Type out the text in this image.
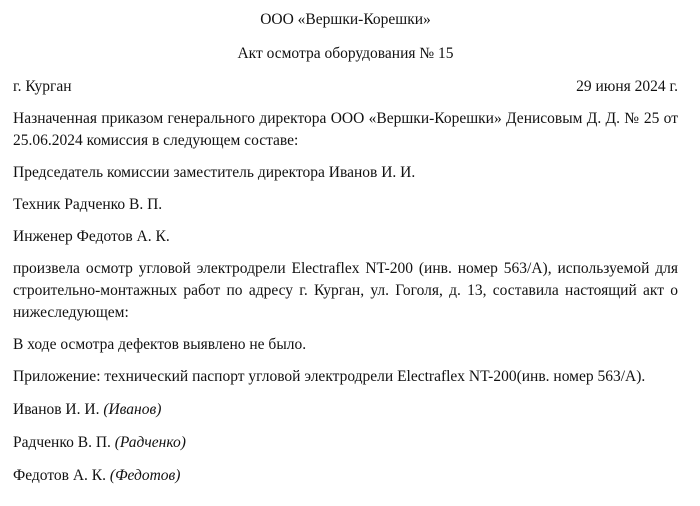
ООО «Вершки-Корешки»
Акт осмотра оборудования № 15
г. Курган	29 июня 2024 г.
Назначенная приказом генерального директора ООО «Вершки-Корешки» Денисовым Д. Д. № 25 от 25.06.2024 комиссия в следующем составе:
Председатель комиссии заместитель директора Иванов И. И.
Техник Радченко В. П.
Инженер Федотов А. К.
произвела осмотр угловой электродрели Electraflex NT-200 (инв. номер 563/А), используемой для строительно-монтажных работ по адресу г. Курган, ул. Гоголя, д. 13, составила настоящий акт о нижеследующем:
В ходе осмотра дефектов выявлено не было.
Приложение: технический паспорт угловой электродрели Electraflex NT-200(инв. номер 563/А).
Иванов И. И. (Иванов)
Радченко В. П. (Радченко)
Федотов А. К. (Федотов)
